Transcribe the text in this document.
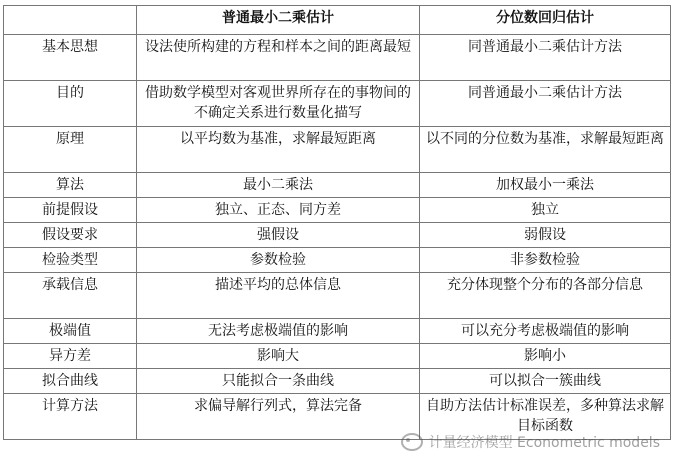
	普通最小二乘估计	分位数回归估计
基本思想	设法使所构建的方程和样本之间的距离最短	同普通最小二乘估计方法
目的	借助数学模型对客观世界所存在的事物间的不确定关系进行数量化描写	同普通最小二乘估计方法
原理	以平均数为基准，求解最短距离	以不同的分位数为基准，求解最短距离
算法	最小二乘法	加权最小一乘法
前提假设	独立、正态、同方差	独立
假设要求	强假设	弱假设
检验类型	参数检验	非参数检验
承载信息	描述平均的总体信息	充分体现整个分布的各部分信息
极端值	无法考虑极端值的影响	可以充分考虑极端值的影响
异方差	影响大	影响小
拟合曲线	只能拟合一条曲线	可以拟合一簇曲线
计算方法	求偏导解行列式，算法完备	自助方法估计标准误差，多种算法求解目标函数
计量经济模型 Econometric models
